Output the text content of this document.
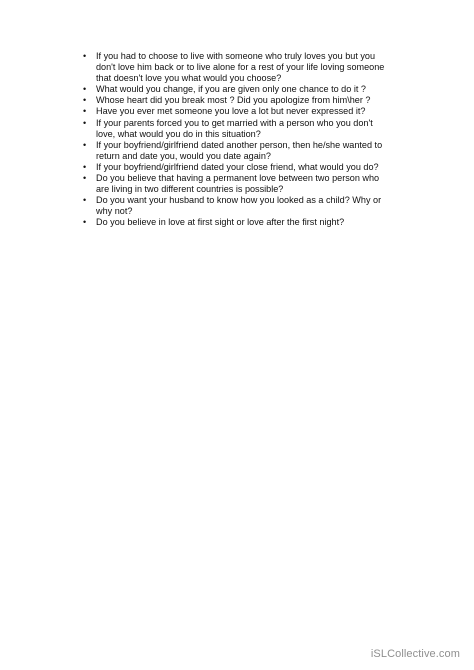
• If you had to choose to live with someone who truly loves you but you
don't love him back or to live alone for a rest of your life loving someone
that doesn't love you what would you choose?
• What would you change, if you are given only one chance to do it ?
• Whose heart did you break most ? Did you apologize from him\her ?
• Have you ever met someone you love a lot but never expressed it?
• If your parents forced you to get married with a person who you don't
love, what would you do in this situation?
• If your boyfriend/girlfriend dated another person, then he/she wanted to
return and date you, would you date again?
• If your boyfriend/girlfriend dated your close friend, what would you do?
• Do you believe that having a permanent love between two person who
are living in two different countries is possible?
• Do you want your husband to know how you looked as a child? Why or
why not?
• Do you believe in love at first sight or love after the first night?
iSLCollective.com
